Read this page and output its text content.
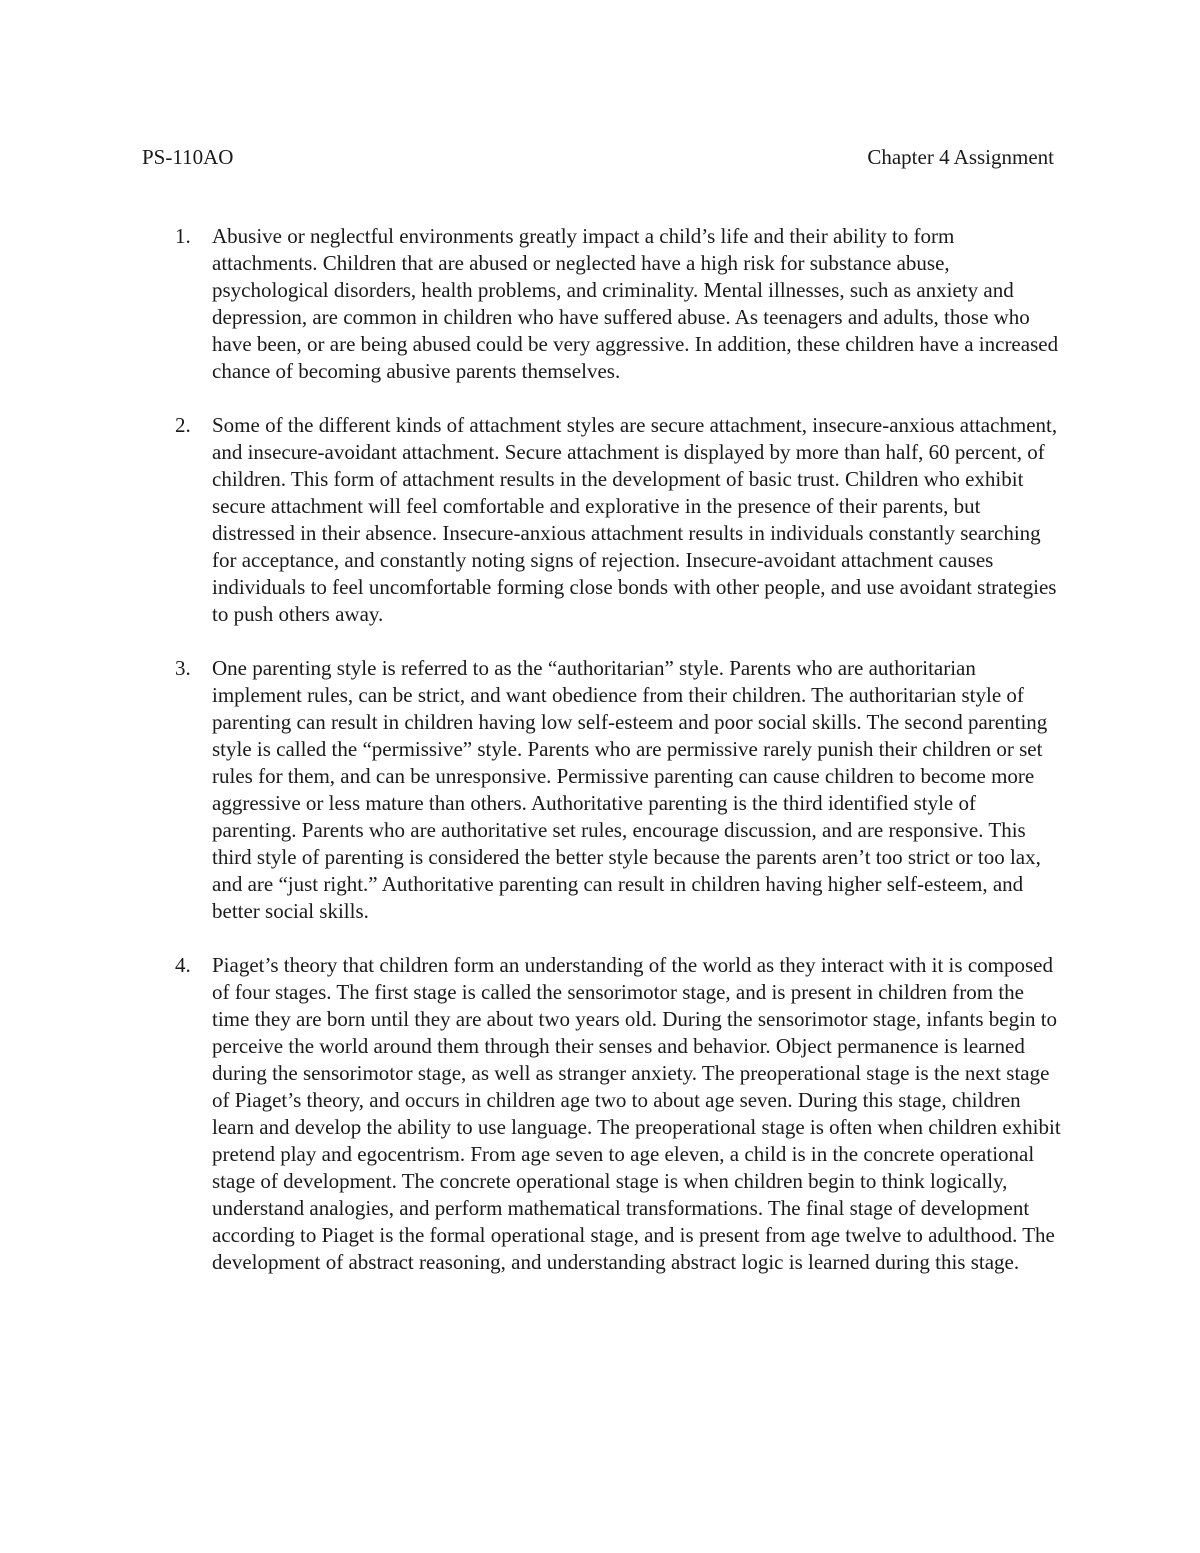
PS-110AO	Chapter 4 Assignment
1. Abusive or neglectful environments greatly impact a child’s life and their ability to form attachments. Children that are abused or neglected have a high risk for substance abuse, psychological disorders, health problems, and criminality. Mental illnesses, such as anxiety and depression, are common in children who have suffered abuse. As teenagers and adults, those who have been, or are being abused could be very aggressive. In addition, these children have a increased chance of becoming abusive parents themselves.
2. Some of the different kinds of attachment styles are secure attachment, insecure-anxious attachment, and insecure-avoidant attachment. Secure attachment is displayed by more than half, 60 percent, of children. This form of attachment results in the development of basic trust. Children who exhibit secure attachment will feel comfortable and explorative in the presence of their parents, but distressed in their absence. Insecure-anxious attachment results in individuals constantly searching for acceptance, and constantly noting signs of rejection. Insecure-avoidant attachment causes individuals to feel uncomfortable forming close bonds with other people, and use avoidant strategies to push others away.
3. One parenting style is referred to as the “authoritarian” style. Parents who are authoritarian implement rules, can be strict, and want obedience from their children. The authoritarian style of parenting can result in children having low self-esteem and poor social skills. The second parenting style is called the “permissive” style. Parents who are permissive rarely punish their children or set rules for them, and can be unresponsive. Permissive parenting can cause children to become more aggressive or less mature than others. Authoritative parenting is the third identified style of parenting. Parents who are authoritative set rules, encourage discussion, and are responsive. This third style of parenting is considered the better style because the parents aren’t too strict or too lax, and are “just right.” Authoritative parenting can result in children having higher self-esteem, and better social skills.
4. Piaget’s theory that children form an understanding of the world as they interact with it is composed of four stages. The first stage is called the sensorimotor stage, and is present in children from the time they are born until they are about two years old. During the sensorimotor stage, infants begin to perceive the world around them through their senses and behavior. Object permanence is learned during the sensorimotor stage, as well as stranger anxiety. The preoperational stage is the next stage of Piaget’s theory, and occurs in children age two to about age seven. During this stage, children learn and develop the ability to use language. The preoperational stage is often when children exhibit pretend play and egocentrism. From age seven to age eleven, a child is in the concrete operational stage of development. The concrete operational stage is when children begin to think logically, understand analogies, and perform mathematical transformations. The final stage of development according to Piaget is the formal operational stage, and is present from age twelve to adulthood. The development of abstract reasoning, and understanding abstract logic is learned during this stage.
